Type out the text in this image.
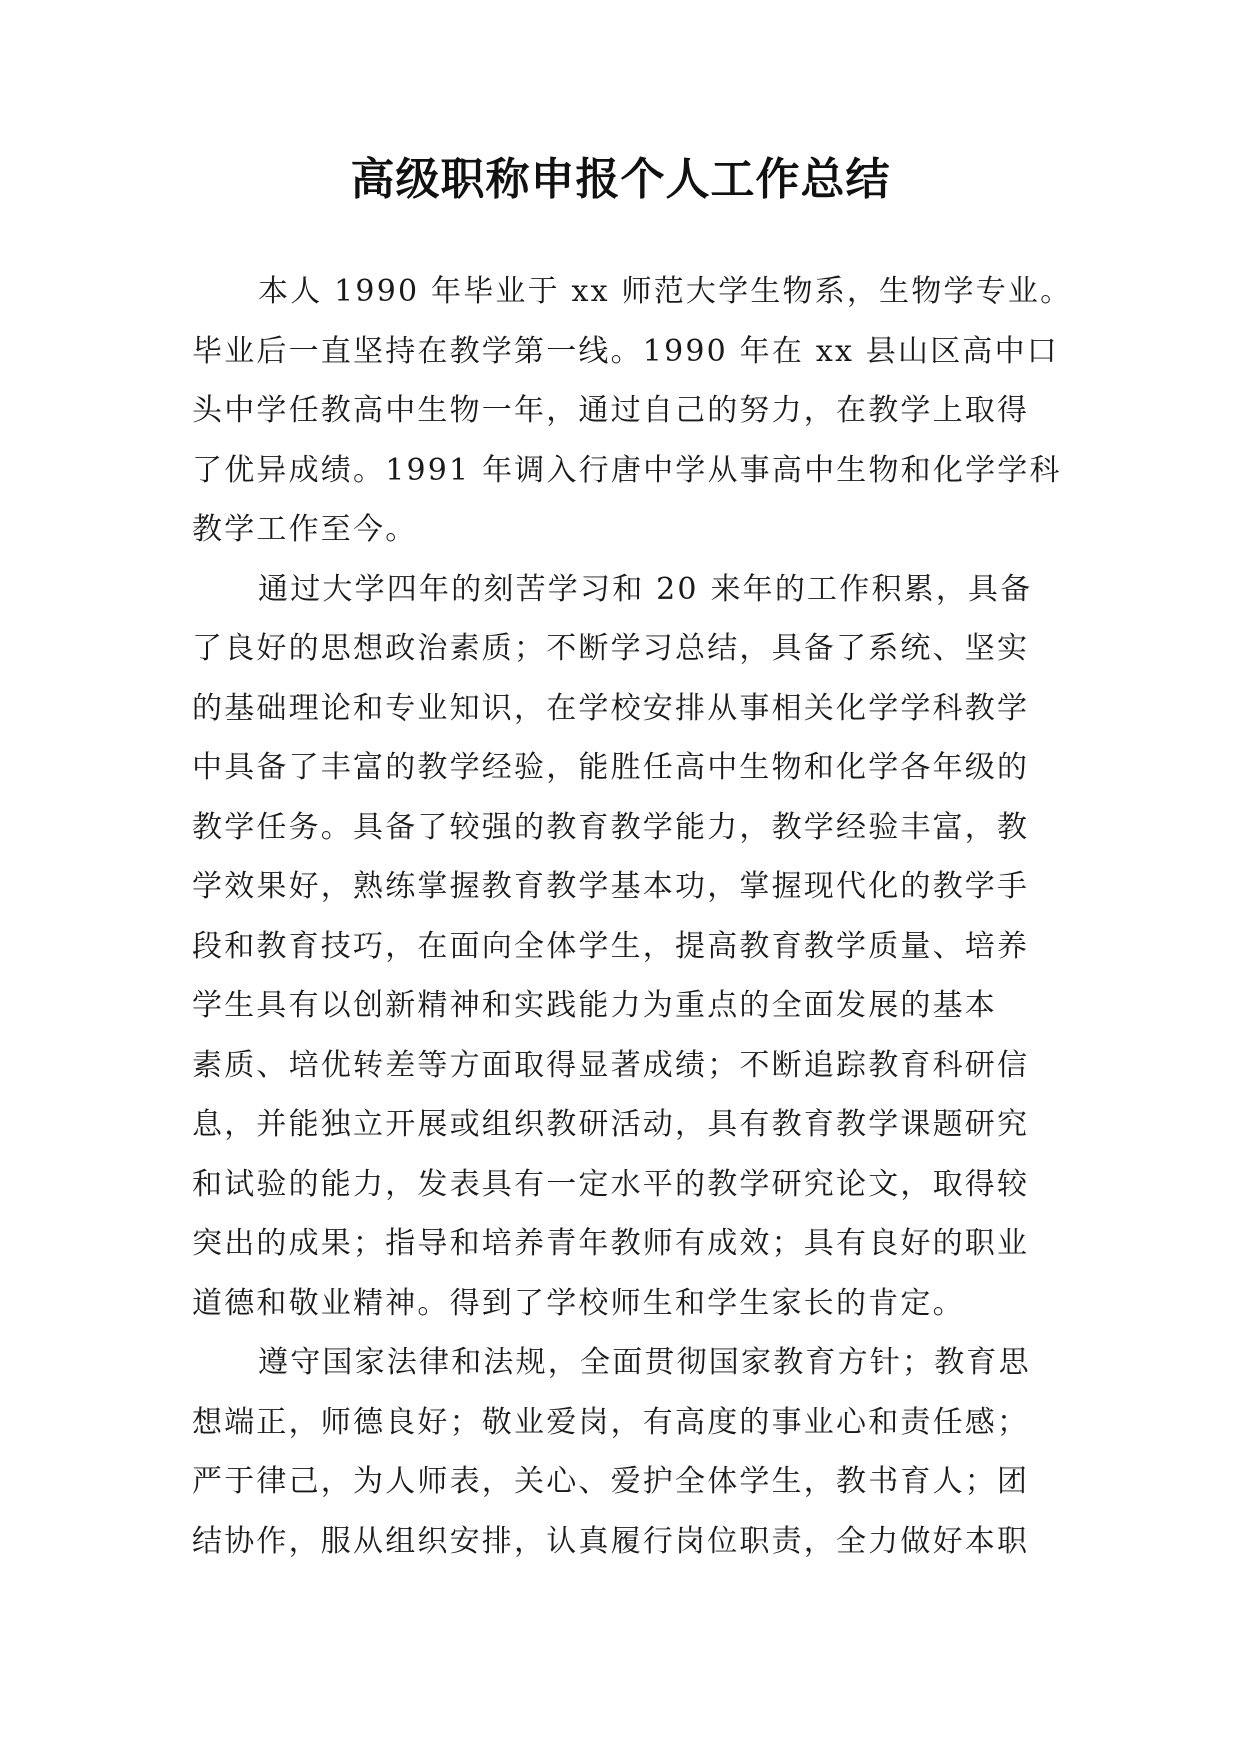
高级职称申报个人工作总结
本人 1990 年毕业于 xx 师范大学生物系，生物学专业。
毕业后一直坚持在教学第一线。1990 年在 xx 县山区高中口
头中学任教高中生物一年，通过自己的努力，在教学上取得
了优异成绩。1991 年调入行唐中学从事高中生物和化学学科
教学工作至今。
通过大学四年的刻苦学习和 20 来年的工作积累，具备
了良好的思想政治素质；不断学习总结，具备了系统、坚实
的基础理论和专业知识，在学校安排从事相关化学学科教学
中具备了丰富的教学经验，能胜任高中生物和化学各年级的
教学任务。具备了较强的教育教学能力，教学经验丰富，教
学效果好，熟练掌握教育教学基本功，掌握现代化的教学手
段和教育技巧，在面向全体学生，提高教育教学质量、培养
学生具有以创新精神和实践能力为重点的全面发展的基本
素质、培优转差等方面取得显著成绩；不断追踪教育科研信
息，并能独立开展或组织教研活动，具有教育教学课题研究
和试验的能力，发表具有一定水平的教学研究论文，取得较
突出的成果；指导和培养青年教师有成效；具有良好的职业
道德和敬业精神。得到了学校师生和学生家长的肯定。
遵守国家法律和法规，全面贯彻国家教育方针；教育思
想端正，师德良好；敬业爱岗，有高度的事业心和责任感；
严于律己，为人师表，关心、爱护全体学生，教书育人；团
结协作，服从组织安排，认真履行岗位职责，全力做好本职
